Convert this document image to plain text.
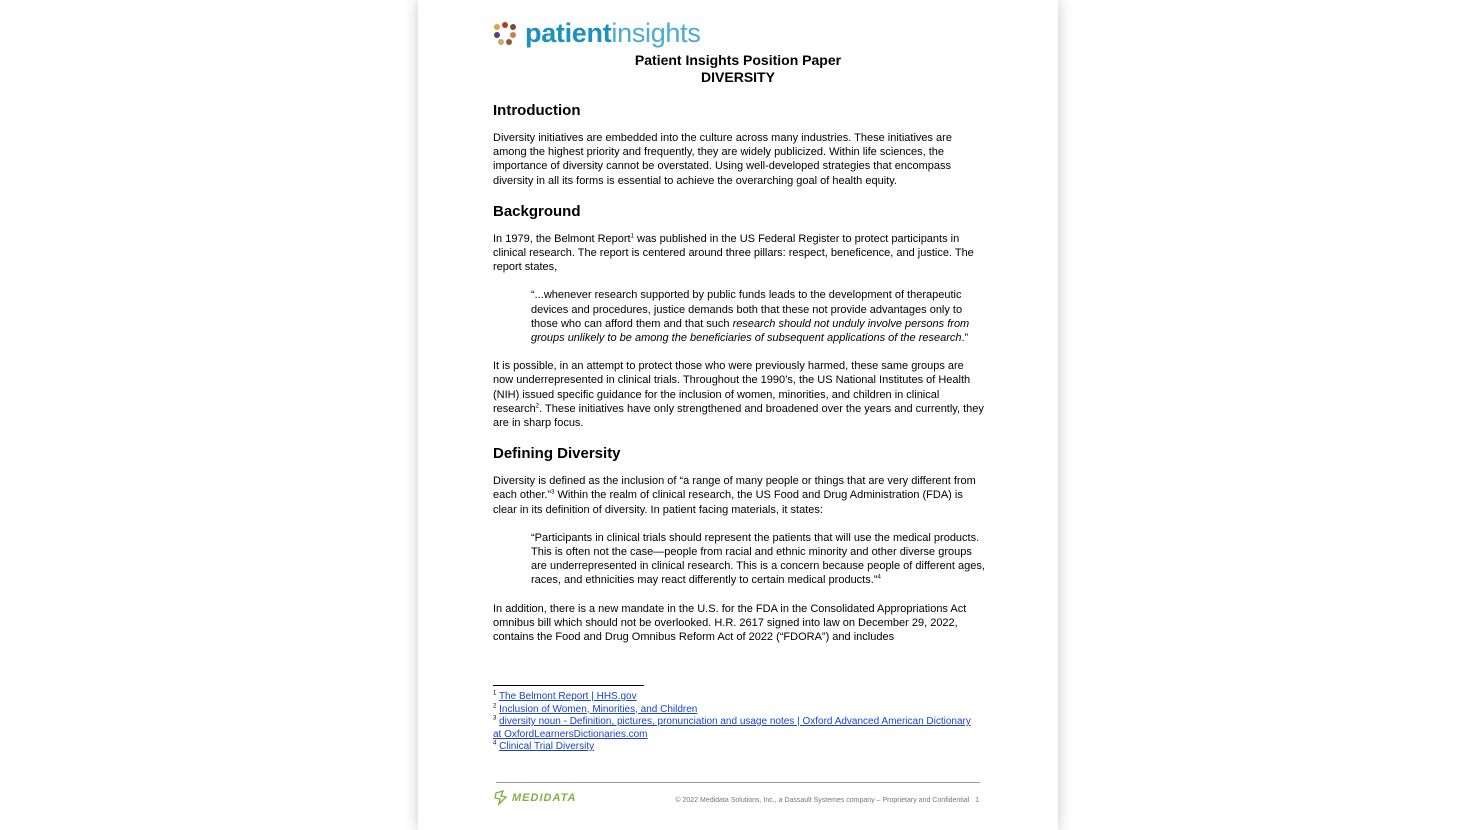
patientinsights
Patient Insights Position Paper
DIVERSITY
Introduction

Diversity initiatives are embedded into the culture across many industries. These initiatives are among the highest priority and frequently, they are widely publicized. Within life sciences, the importance of diversity cannot be overstated. Using well-developed strategies that encompass diversity in all its forms is essential to achieve the overarching goal of health equity.

Background

In 1979, the Belmont Report$^1$ was published in the US Federal Register to protect participants in clinical research. The report is centered around three pillars: respect, beneficence, and justice. The report states,

“...whenever research supported by public funds leads to the development of therapeutic devices and procedures, justice demands both that these not provide advantages only to those who can afford them and that such research should not unduly involve persons from groups unlikely to be among the beneficiaries of subsequent applications of the research.”

It is possible, in an attempt to protect those who were previously harmed, these same groups are now underrepresented in clinical trials. Throughout the 1990’s, the US National Institutes of Health (NIH) issued specific guidance for the inclusion of women, minorities, and children in clinical research$^2$. These initiatives have only strengthened and broadened over the years and currently, they are in sharp focus.

Defining Diversity

Diversity is defined as the inclusion of “a range of many people or things that are very different from each other.”$^3$ Within the realm of clinical research, the US Food and Drug Administration (FDA) is clear in its definition of diversity. In patient facing materials, it states:

“Participants in clinical trials should represent the patients that will use the medical products. This is often not the case—people from racial and ethnic minority and other diverse groups are underrepresented in clinical research. This is a concern because people of different ages, races, and ethnicities may react differently to certain medical products.”$^4$

In addition, there is a new mandate in the U.S. for the FDA in the Consolidated Appropriations Act omnibus bill which should not be overlooked. H.R. 2617 signed into law on December 29, 2022, contains the Food and Drug Omnibus Reform Act of 2022 (“FDORA”) and includes

$^1$ The Belmont Report | HHS.gov
$^2$ Inclusion of Women, Minorities, and Children
$^3$ diversity noun - Definition, pictures, pronunciation and usage notes | Oxford Advanced American Dictionary at OxfordLearnersDictionaries.com
$^4$ Clinical Trial Diversity
MEDIDATA	© 2022 Medidata Solutions, Inc., a Dassault Systemes company – Proprietary and Confidential 1
